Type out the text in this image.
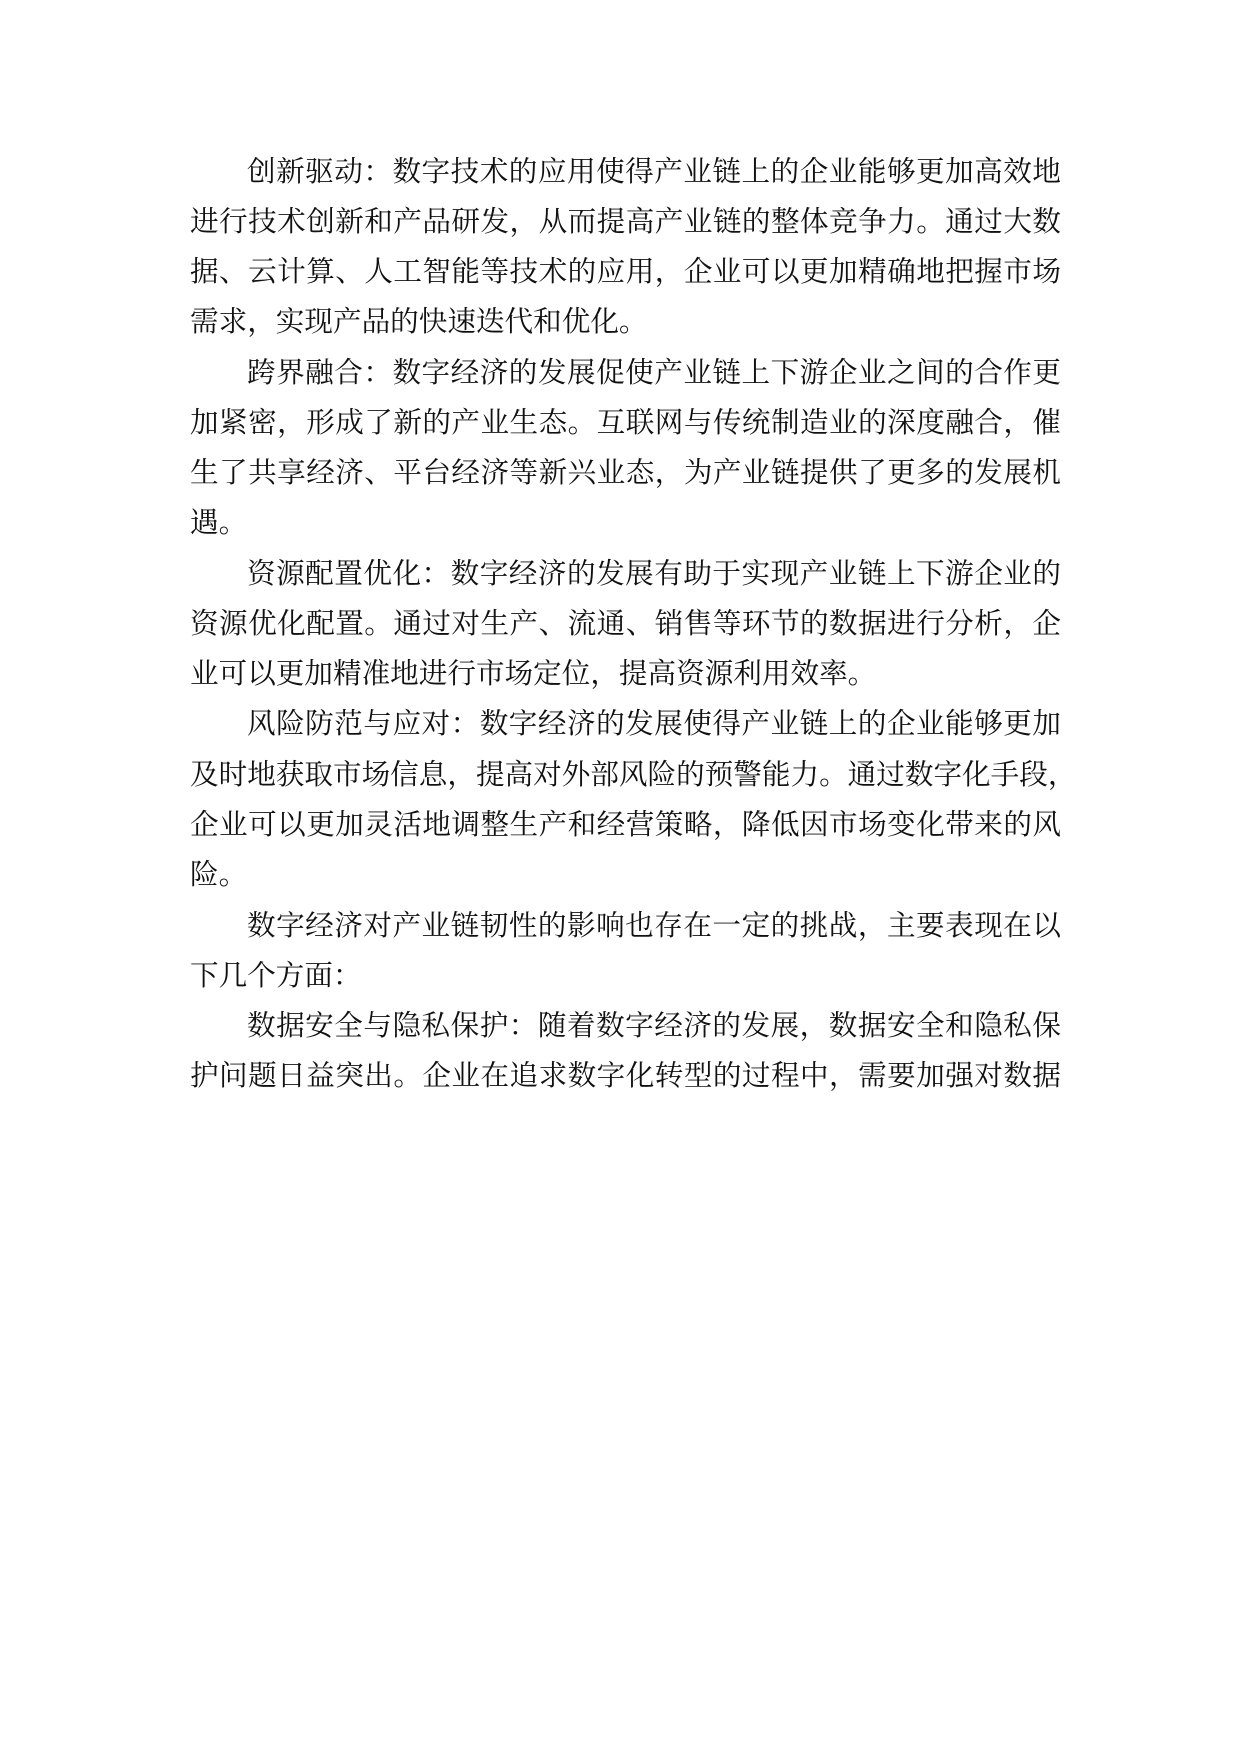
创新驱动：数字技术的应用使得产业链上的企业能够更加高效地

进行技术创新和产品研发，从而提高产业链的整体竞争力。通过大数

据、云计算、人工智能等技术的应用，企业可以更加精确地把握市场

需求，实现产品的快速迭代和优化。

跨界融合：数字经济的发展促使产业链上下游企业之间的合作更

加紧密，形成了新的产业生态。互联网与传统制造业的深度融合，催

生了共享经济、平台经济等新兴业态，为产业链提供了更多的发展机

遇。

资源配置优化：数字经济的发展有助于实现产业链上下游企业的

资源优化配置。通过对生产、流通、销售等环节的数据进行分析，企

业可以更加精准地进行市场定位，提高资源利用效率。

风险防范与应对：数字经济的发展使得产业链上的企业能够更加

及时地获取市场信息，提高对外部风险的预警能力。通过数字化手段，

企业可以更加灵活地调整生产和经营策略，降低因市场变化带来的风

险。

数字经济对产业链韧性的影响也存在一定的挑战，主要表现在以

下几个方面：

数据安全与隐私保护：随着数字经济的发展，数据安全和隐私保

护问题日益突出。企业在追求数字化转型的过程中，需要加强对数据
